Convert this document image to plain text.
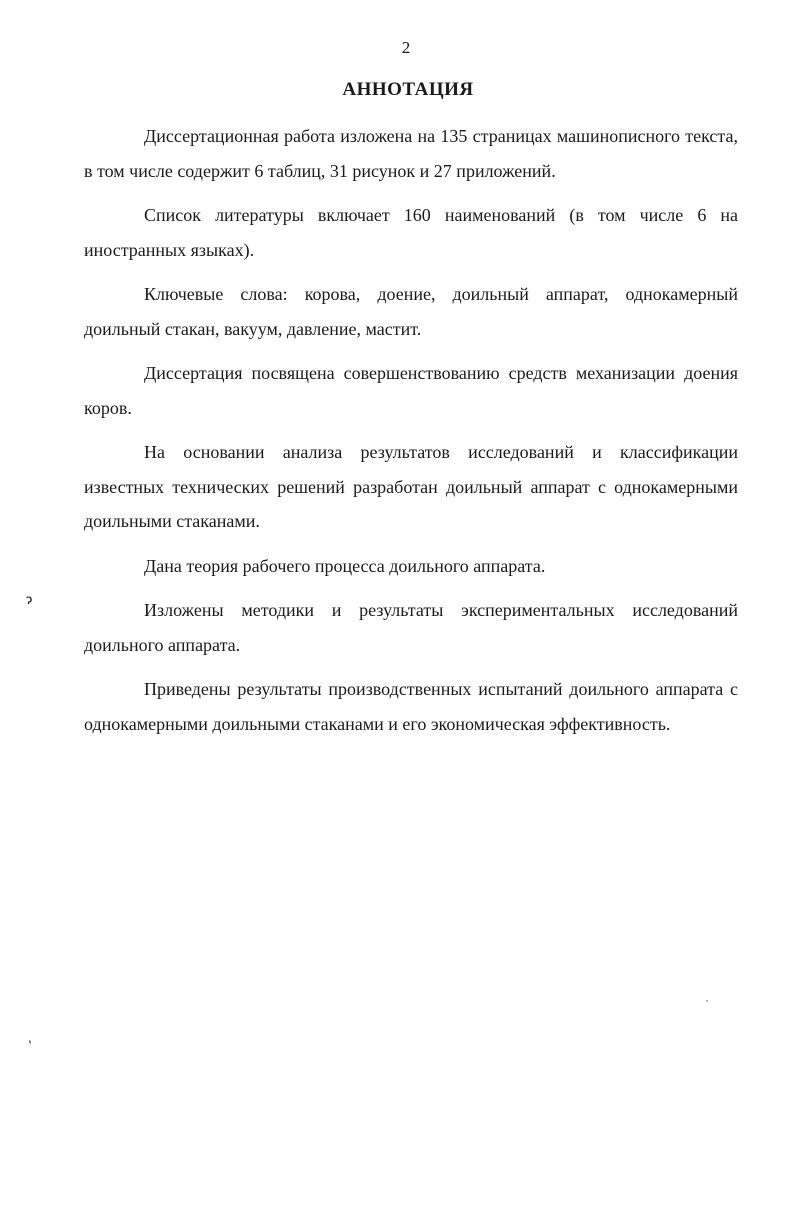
2
АННОТАЦИЯ

Диссертационная работа изложена на 135 страницах машинописного текста, в том числе содержит 6 таблиц, 31 рисунок и 27 приложений.

Список литературы включает 160 наименований (в том числе 6 на иностранных языках).

Ключевые слова: корова, доение, доильный аппарат, однокамерный доильный стакан, вакуум, давление, мастит.

Диссертация посвящена совершенствованию средств механизации доения коров.

На основании анализа результатов исследований и классификации известных технических решений разработан доильный аппарат с однокамерными доильными стаканами.

Дана теория рабочего процесса доильного аппарата.

Изложены методики и результаты экспериментальных исследований доильного аппарата.

Приведены результаты производственных испытаний доильного аппарата с однокамерными доильными стаканами и его экономическая эффективность.

ɂ
ʽ
